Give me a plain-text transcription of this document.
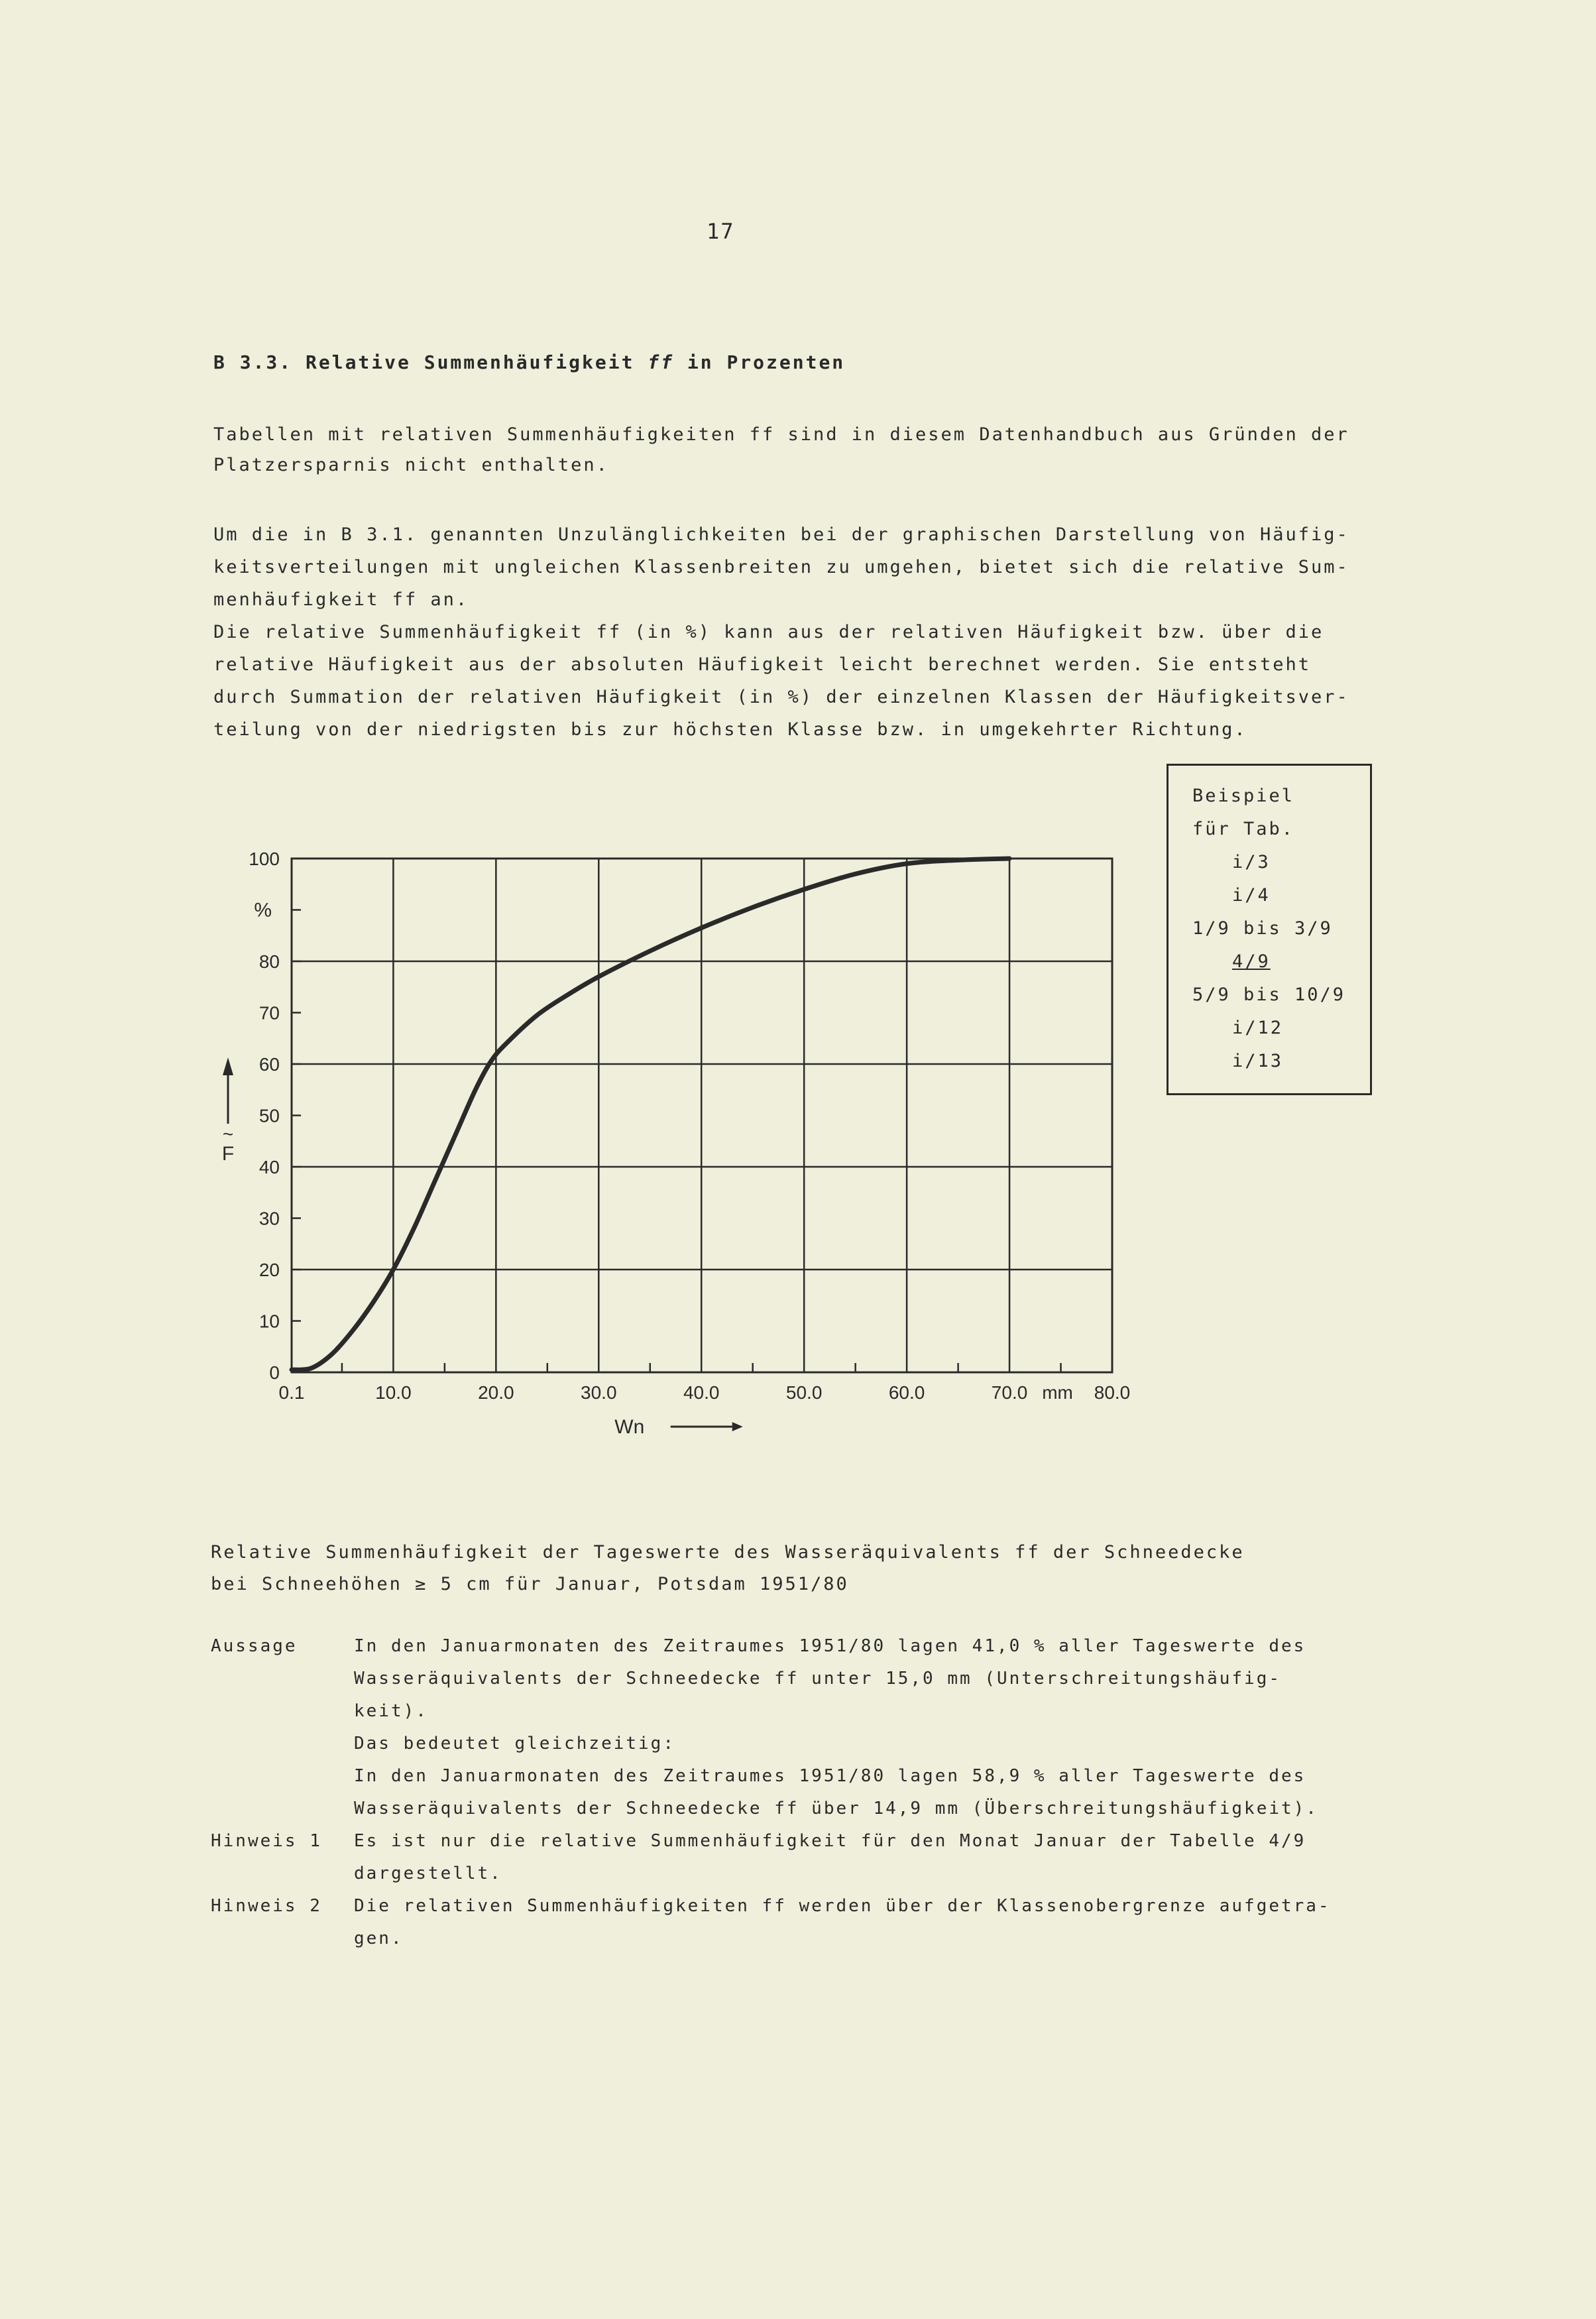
17
B 3.3. Relative Summenhäufigkeit ff in Prozenten

Tabellen mit relativen Summenhäufigkeiten ff sind in diesem Datenhandbuch aus Gründen der

Platzersparnis nicht enthalten.

Um die in B 3.1. genannten Unzulänglichkeiten bei der graphischen Darstellung von Häufig-

keitsverteilungen mit ungleichen Klassenbreiten zu umgehen, bietet sich die relative Sum-

menhäufigkeit ff an.

Die relative Summenhäufigkeit ff (in %) kann aus der relativen Häufigkeit bzw. über die

relative Häufigkeit aus der absoluten Häufigkeit leicht berechnet werden. Sie entsteht

durch Summation der relativen Häufigkeit (in %) der einzelnen Klassen der Häufigkeitsver-

teilung von der niedrigsten bis zur höchsten Klasse bzw. in umgekehrter Richtung.

Beispiel
für Tab.
i/3
i/4
1/9 bis 3/9
4/9
5/9 bis 10/9
i/12
i/13
0
10
20
30
40
50
60
70
80
100
0.1	10.0	20.0	30.0	40.0	50.0	60.0	70.0	80.0
%
F
~
mm
Wn
Relative Summenhäufigkeit der Tageswerte des Wasseräquivalents ff der Schneedecke
bei Schneehöhen ≥ 5 cm für Januar, Potsdam 1951/80
Aussage	In den Januarmonaten des Zeitraumes 1951/80 lagen 41,0 % aller Tageswerte des
Wasseräquivalents der Schneedecke ff unter 15,0 mm (Unterschreitungshäufig-
keit).
Das bedeutet gleichzeitig:
In den Januarmonaten des Zeitraumes 1951/80 lagen 58,9 % aller Tageswerte des
Wasseräquivalents der Schneedecke ff über 14,9 mm (Überschreitungshäufigkeit).
Hinweis 1 Es ist nur die relative Summenhäufigkeit für den Monat Januar der Tabelle 4/9
dargestellt.
Hinweis 2 Die relativen Summenhäufigkeiten ff werden über der Klassenobergrenze aufgetra-
gen.
